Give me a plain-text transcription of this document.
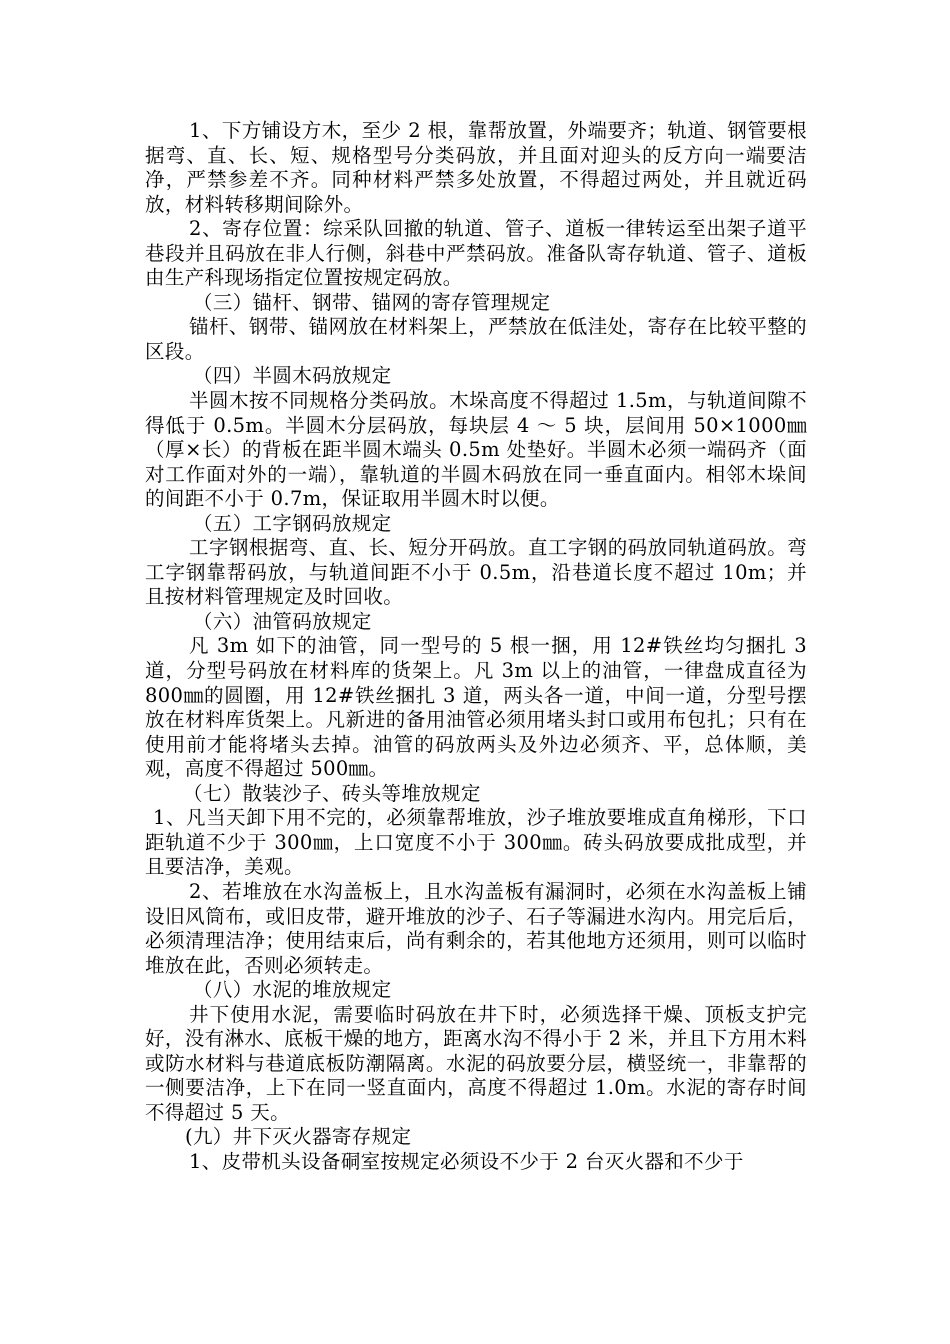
1、下方铺设方木，至少 2 根，靠帮放置，外端要齐；轨道、钢管要根据弯、直、长、短、规格型号分类码放，并且面对迎头的反方向一端要洁净，严禁参差不齐。同种材料严禁多处放置，不得超过两处，并且就近码放，材料转移期间除外。

2、寄存位置：综采队回撤的轨道、管子、道板一律转运至出架子道平巷段并且码放在非人行侧，斜巷中严禁码放。准备队寄存轨道、管子、道板由生产科现场指定位置按规定码放。

（三）锚杆、钢带、锚网的寄存管理规定

锚杆、钢带、锚网放在材料架上，严禁放在低洼处，寄存在比较平整的区段。

（四）半圆木码放规定

半圆木按不同规格分类码放。木垛高度不得超过 1.5m，与轨道间隙不得低于 0.5m。半圆木分层码放，每块层 4 ～ 5 块，层间用 50×1000㎜（厚×长）的背板在距半圆木端头 0.5m 处垫好。半圆木必须一端码齐（面对工作面对外的一端），靠轨道的半圆木码放在同一垂直面内。相邻木垛间的间距不小于 0.7m，保证取用半圆木时以便。

（五）工字钢码放规定

工字钢根据弯、直、长、短分开码放。直工字钢的码放同轨道码放。弯工字钢靠帮码放，与轨道间距不小于 0.5m，沿巷道长度不超过 10m；并且按材料管理规定及时回收。

（六）油管码放规定

凡 3m 如下的油管，同一型号的 5 根一捆，用 12#铁丝均匀捆扎 3 道，分型号码放在材料库的货架上。凡 3m 以上的油管，一律盘成直径为 800㎜的圆圈，用 12#铁丝捆扎 3 道，两头各一道，中间一道，分型号摆放在材料库货架上。凡新进的备用油管必须用堵头封口或用布包扎；只有在使用前才能将堵头去掉。油管的码放两头及外边必须齐、平，总体顺，美观，高度不得超过 500㎜。

（七）散装沙子、砖头等堆放规定

1、凡当天卸下用不完的，必须靠帮堆放，沙子堆放要堆成直角梯形，下口距轨道不少于 300㎜，上口宽度不小于 300㎜。砖头码放要成批成型，并且要洁净，美观。

2、若堆放在水沟盖板上，且水沟盖板有漏洞时，必须在水沟盖板上铺设旧风筒布，或旧皮带，避开堆放的沙子、石子等漏进水沟内。用完后后，必须清理洁净；使用结束后，尚有剩余的，若其他地方还须用，则可以临时堆放在此，否则必须转走。

（八）水泥的堆放规定

井下使用水泥，需要临时码放在井下时，必须选择干燥、顶板支护完好，没有淋水、底板干燥的地方，距离水沟不得小于 2 米，并且下方用木料或防水材料与巷道底板防潮隔离。水泥的码放要分层，横竖统一，非靠帮的一侧要洁净，上下在同一竖直面内，高度不得超过 1.0m。水泥的寄存时间不得超过 5 天。

(九）井下灭火器寄存规定

1、皮带机头设备硐室按规定必须设不少于 2 台灭火器和不少于
